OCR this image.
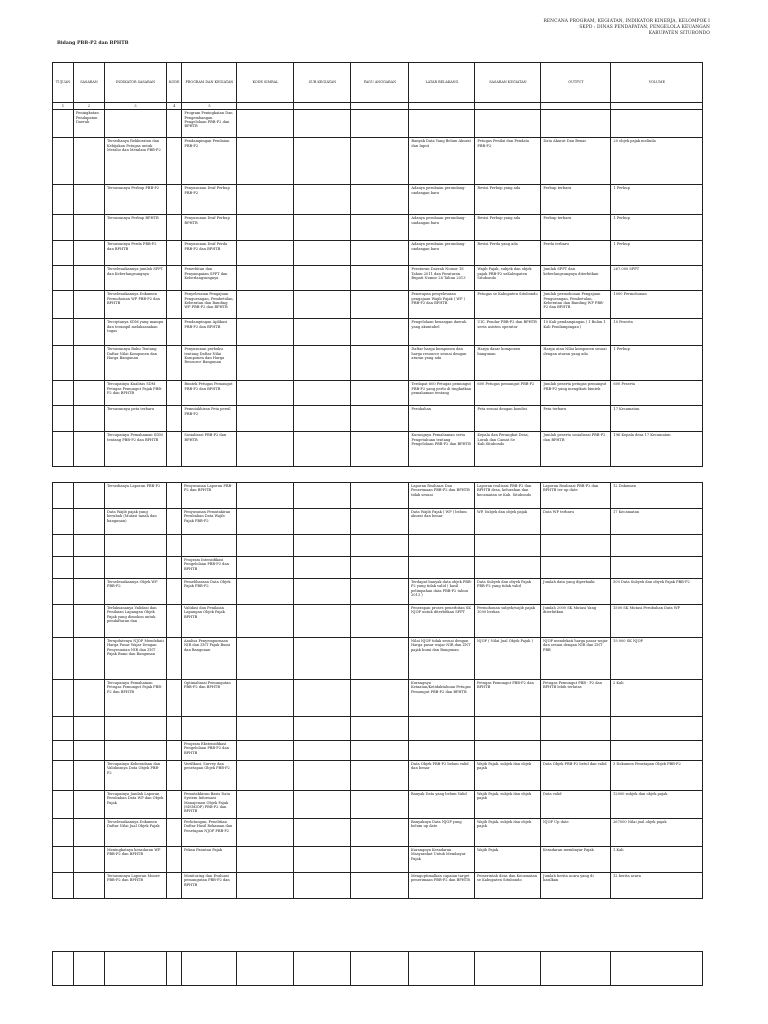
RENCANA PROGRAM, KEGIATAN, INDIKATOR KINERJA, KELOMPOK I
SKPD : DINAS PENDAPATAN, PENGELOLA KEUANGAN
KABUPATEN SITUBONDO
Bidang PBB-P2 dan BPHTB
TUJUAN	SASARAN	INDIKATOR SASARAN	KODE	PROGRAM DAN KEGIATAN	KODE SIMRAL	SUB KEGIATAN	PAGU ANGGARAN	LATAR BELAKANG	SASARAN KEGIATAN	OUTPUT	VOLUME
1	2	3	4	5							
	Peningkatan Pendapatan Daerah			Program Peningkatan Dan Pengembangan Pengelolaan PBB-P2 dan BPHTB							
		Tersedianya Rekkoratan dan Kebijakan Petugas untuk Metalio dan Menilain PBB-P2		Pendampingan Penilaian PBB-P2				Banyak Data Yang Belum Akurat dan Input	Petugas Penilai dan Pendata PBB-P2	Data Akurat Dan Benar	20 objek pajak meliuila
		Tersusunnya Perbup PBB-P2		Penyusunan Draf Perbup PBB-P2				Adanya perubaan perundang-undangan baru	Revisi Perbup yang ada	Perbup terbaru	1 Perbup
		Tersusunnya Perbup BPHTB		Penyusunan Draf Perbup BPHTB				Adanya perubaan perundang-undangan baru	Revisi Perbup yang ada	Perbup terbaru	1 Perbup
		Tersusunnya Perda PBB-P2 dan BPHTB		Penyusunan Draf Perda PBB-P2 dan BPHTB				Adanya perubaan perundang-undangan baru	Revisi Perda yang ada	Perda terbaru	1 Perbup
		Terselesaikannya jumlah SPPT dan Keberlangsungnya		Penerbitan dan Penyampaian SPPT dan Keberlangsungnya				Peraturan Daerah Nomor 18 Tahun 2011 dan Peraturan Bupati Nomor 26 Tahun 2013	Wajib Pajak, subjek dan objek pajak PBB-P2 seKabupaten Situbondo	Jumlah SPPT dan keberlangsungnya diterbitkan	267.000 SPPT
		Terselesaikannya Dokumen Permohonan WP PBB-P2 dan BPHTB		Penyelesaian Pengajuan Pengurangan, Pembetulan, Keberatan dan Banding WP PBB-P2 dan BPHTB				Penerapan penyelesaian pengajuan Wajib Pajak ( WP ) PBB-P2 dan BPHTB	Petugas se Kabupaten Situbondo	Jumlah permohonan Pengajuan Pengurangan, Pembetulan, Keberatan dan Banding WP PBB-P2 dan BPHTB	1000 Permohonan
		Terciptanya SDM yang mampu dan terampil melaksanakan tugas		Pendampingan Aplikasi PBB-P2 dan BPHTB				Pengelolaan keuangan daerah yang akuntabel	UIC. Pendar PBB-P2 dan BPHTB serta asisten operator	10 Kali pendampingan ( 1 Bulan 1 Kali Pendampingan )	10 Peserta
		Tersusunnya Buku Tentang Daftar Nilai Komponen dan Harga Bangunan		Penyusunan perbuku tentang Daftar Nilai Komponen dan Harga Resource Bangunan				Daftar harga komponen dan harga resource sesuai dengan aturan yang ada	Harga dasar komponen bangunan	Harga atau Nilai komponen sesuai dengan aturan yang ada	1 Perbup
		Tercapainya Kualitas SDM Petugas Pemungut Pajak PBB-P2 dan BPHTB		Bimtek Petugas Pemungut PBB-P2 dan BPHTB				Terdapat 600 Petugas pemungut PBB-P2 yang perlu di tingkatkan pemahaman tentang	600 Petugas pemungut PBB-P2	Jumlah peserta petugas pemungut PBB-P2 yang mengikuti bimtek	600 Peserta
		Tersusunnya peta terbaru		Pemutakhiran Peta persil PBB-P2				Perubahan	Peta sesuai dengan kondisi	Peta terbaru	17 Kecamatan
		Tercapainya Pemahaman SDM tentang PBB-P2 dan BPHTB		Sosialisasi PBB-P2 dan BPHTB				Kurangnya Pemahaman serta Pengetahuan tentang Pengelolaan PBB-P2 dan BPHTB	Kepala dan Perangkat Desa, Lurah dan Camat Se Kab.Situbondo	Jumlah peserta sosialisasi PBB-P2 dan BPHTB	196 Kepala desa 17 Kecamatan
		Tersedianya Laporan PBB-P2		Penyusunan Laporan PBB-P2 dan BPHTB				Laporan Realisasi Dan Penerimaan PBB-P2 dan BPHTB tidak sesuai	Laporan realisasi PBB-P2 dan BPHTB desa, kelurahan dan kecamatan se Kab. Situbondo	Laporan Realisasi PBB-P2 dan BPHTB ter up date	12 Dokumen
		Data Wajib pajak yang berubah (Mutasi tanah dan bangunan)		Penyusunan Pemutakiran Perubahan Data Wajib Pajak PBB-P2				Data Wajib Pajak ( WP ) belum akurat dan benar	WP, Subjek dan objek pajak	Data WP terbaru	17 Kecamatan

				Program Intensifikasi Pengelolaan PBB-P2 dan BPHTB							
		Terselesaikannya Objek WP PBB-P2		Pemeliharaan Data Objek Pajak PBB-P2				Terdapat banyak data objek PBB-P2 yang tidak valid ( hasil pelimpahan data PBB-P2 tahun 2013 )	Data Subyek dan obyek Pajak PBB-P2 yang tidak valid	Jumlah data yang diperbaiki	500 Data Subyek dan obyek Pajak PBB-P2
		Terlaksananya Validasi dan Penilaian Lapangan Objek Pajak yang dimohon untuk pendaftaran dan		Validasi dan Penilaian Lapangan Objek Pajak BPHTB				Penerapan proses penerbitan SK NJOP untuk diterbitkan SPPT	Permohonan subjek/wajib pajak 1000 berkas	Jumlah 2000 SK Mutasi Yang diterbitkan	1500 SK Mutasi Perubahan Data WP
		Terupdatenya NJOP Mendekati Harga Pasar Wajar Dengan Penyesuaian NIR dan ZNT Pajak Bumi dan Bangunan		Analisa Penyempurnaan NIR dan ZNT Pajak Bumi dan Bangunan				Nilai NJOP tidak sesuai dengan Harga pasar wajar NIR dan ZNT pajak bumi dan Bangunan	NJOP ( Nilai Jual Objek Pajak )	NJOP mendekati harga pasar wajar dan sesuai dengan NIR dan ZNT PBB	19.000 SK NJOP
		Tercapainya Pemahaman Petugas Pemungut Pajak PBB-P2 dan BPHTB		Optimalisasi Pemungutan PBB-P2 dan BPHTB				Kurangnya Ketaatan/Ketidaktahuan Petugas Pemungut PBB-P2 dan BPHTB	Petugas Pemungut PBB-P2 dan BPHTB	Petugas Pemungut PBB - P2 dan BPHTB lebih terlatas	2 Kali

				Program Ekstensifikasi Pengelolaan PBB-P2 dan BPHTB							
		Tercapainya Keberadaan dan Validasinya Data Objek PBB-P2		Verifikasi, Survey dan penetapan Objek PBB-P2				Data Objek PBB-P2 belum valid dan benar	Wajib Pajak, subjek dan objek pajak	Data Objek PBB-P2 betul dan valid	3 Dokumen Penetapan Objek PBB-P2
		Tercapainya Jumlah Laporan Perubahan Data WP dan Objek Pajak		Pemutakhiran Basis Data System Informasi Manajemen Objek Pajak (SISMIOP) PBB-P2 dan BPHTB				Banyak Data yang belum Valid	Wajib Pajak, subjek dan objek pajak	Data valid	12000 subjek dan objek pajak
		Terselesaikannya Dokumen Daftar Nilai Jual Objek Pajak		Perhitungan, Penelitian Daftar Hasil Rekaman dan Penetapan NJOP PBB-P2				Banyaknya Data NJOP yang belum up date	Wajib Pajak, subjek dan objek pajak	NJOP Up date	267000 Nilai jual objek pajak
		Meningkatnya kesadaran WP PBB-P2 dan BPHTB		Pekan Panutan Pajak				Kurangnya Kesadaran Masyarakat Untuk Membayar Pajak	Wajib Pajak	Kesadaran membayar Pajak	1 Kali
		Tersusunnya Laporan Monev PBB-P2 dan BPHTB		Monitoring dan Evaluasi pemungutan PBB-P2 dan BPHTB				Mengoptimalkan capaian target penerimaan PBB-P2 dan BPHTB	Pemerintah desa dan Kecamatan se Kabupaten Situbondo	Jumlah berita acara yang di hasilkan	12 berita acara
